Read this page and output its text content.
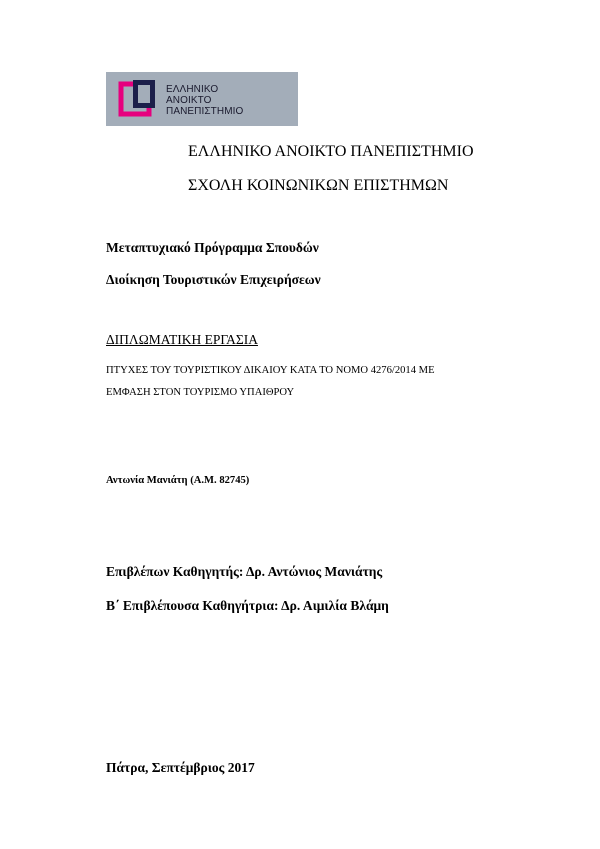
ΕΛΛΗΝΙΚΟ
ΑΝΟΙΚΤΟ
ΠΑΝΕΠΙΣΤΗΜΙΟ
ΕΛΛΗΝΙΚΟ ΑΝΟΙΚΤΟ ΠΑΝΕΠΙΣΤΗΜΙΟ
ΣΧΟΛΗ ΚΟΙΝΩΝΙΚΩΝ ΕΠΙΣΤΗΜΩΝ
Μεταπτυχιακό Πρόγραμμα Σπουδών
Διοίκηση Τουριστικών Επιχειρήσεων
ΔΙΠΛΩΜΑΤΙΚΗ ΕΡΓΑΣΙΑ
ΠΤΥΧΕΣ ΤΟΥ ΤΟΥΡΙΣΤΙΚΟΥ ΔΙΚΑΙΟΥ ΚΑΤΑ ΤΟ ΝΟΜΟ 4276/2014 ΜΕ
ΕΜΦΑΣΗ ΣΤΟΝ ΤΟΥΡΙΣΜΟ ΥΠΑΙΘΡΟΥ
Αντωνία Μανιάτη (Α.Μ. 82745)
Επιβλέπων Καθηγητής: Δρ. Αντώνιος Μανιάτης
Β΄ Επιβλέπουσα Καθηγήτρια: Δρ. Αιμιλία Βλάμη
Πάτρα, Σεπτέμβριος 2017
